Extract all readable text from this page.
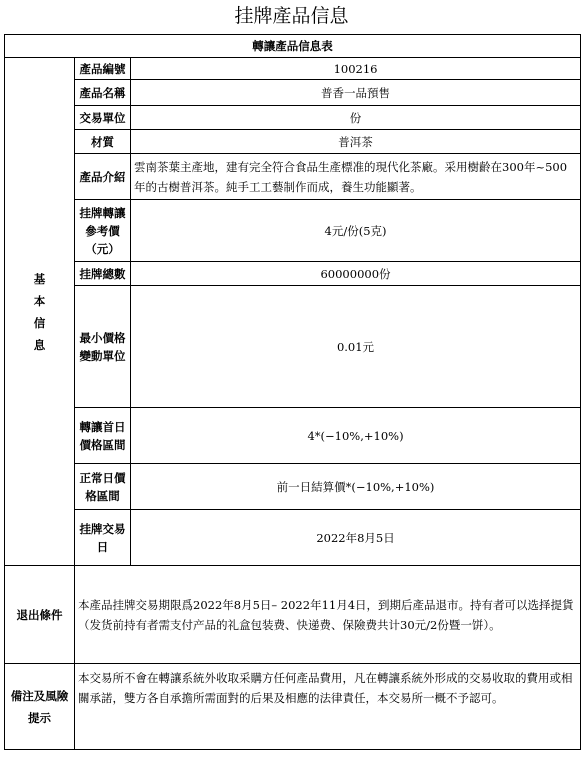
挂牌產品信息
轉讓產品信息表		

基
本
信
息	產品編號	100216
	產品名稱	普香一品預售
	交易單位	份
	材質	普洱茶
	產品介紹	雲南茶葉主產地，建有完全符合食品生產標准的現代化茶廠。采用樹齡在300年~500年的古樹普洱茶。純手工工藝制作而成，養生功能顯著。
	挂牌轉讓參考價（元）	4元/份(5克)
	挂牌總數	60000000份
	最小價格變動單位	0.01元
	轉讓首日價格區間	4*(−10%,+10%)
	正常日價格區間	前一日結算價*(−10%,+10%)
	挂牌交易日	2022年8月5日
退出條件	本產品挂牌交易期限爲2022年8月5日– 2022年11月4日，到期后產品退市。持有者可以选择提貨（发货前持有者需支付产品的礼盒包装费、快递费、保險费共计30元/2份暨一饼）。	
備注及風險提示	本交易所不會在轉讓系統外收取采購方任何產品費用，凡在轉讓系統外形成的交易收取的費用或相關承諾，雙方各自承擔所需面對的后果及相應的法律責任，本交易所一概不予認可。	
